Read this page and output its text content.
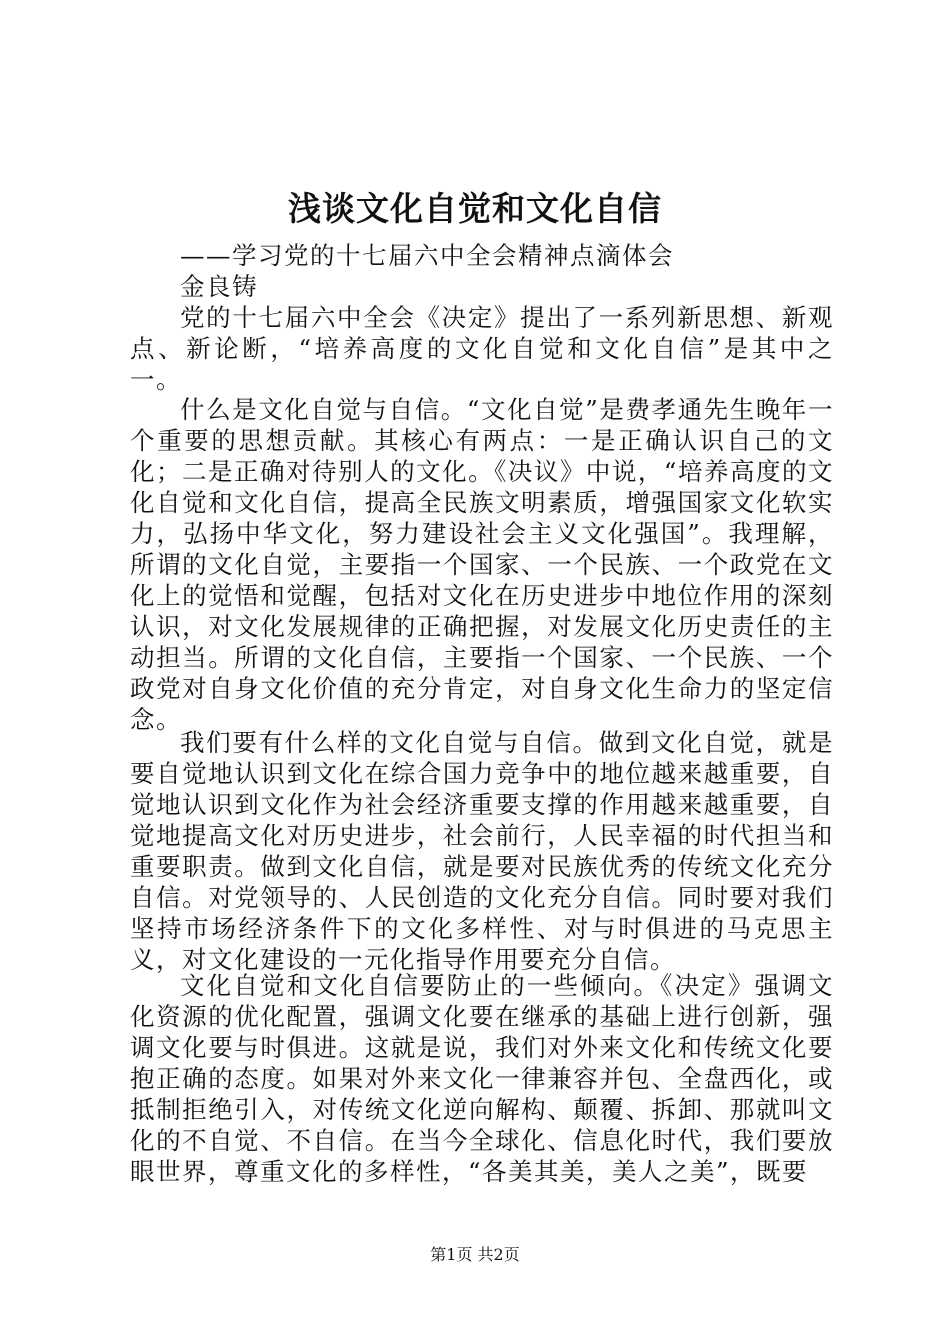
浅谈文化自觉和文化自信

——学习党的十七届六中全会精神点滴体会

金良铸

党的十七届六中全会《决定》提出了一系列新思想、新观点、新论断，“培养高度的文化自觉和文化自信”是其中之一。

什么是文化自觉与自信。“文化自觉”是费孝通先生晚年一个重要的思想贡献。其核心有两点：一是正确认识自己的文化；二是正确对待别人的文化。《决议》中说，“培养高度的文化自觉和文化自信，提高全民族文明素质，增强国家文化软实力，弘扬中华文化，努力建设社会主义文化强国”。我理解，所谓的文化自觉，主要指一个国家、一个民族、一个政党在文化上的觉悟和觉醒，包括对文化在历史进步中地位作用的深刻认识，对文化发展规律的正确把握，对发展文化历史责任的主动担当。所谓的文化自信，主要指一个国家、一个民族、一个政党对自身文化价值的充分肯定，对自身文化生命力的坚定信念。

我们要有什么样的文化自觉与自信。做到文化自觉，就是要自觉地认识到文化在综合国力竞争中的地位越来越重要，自觉地认识到文化作为社会经济重要支撑的作用越来越重要，自觉地提高文化对历史进步，社会前行，人民幸福的时代担当和重要职责。做到文化自信，就是要对民族优秀的传统文化充分自信。对党领导的、人民创造的文化充分自信。同时要对我们坚持市场经济条件下的文化多样性、对与时俱进的马克思主义，对文化建设的一元化指导作用要充分自信。

文化自觉和文化自信要防止的一些倾向。《决定》强调文化资源的优化配置，强调文化要在继承的基础上进行创新，强调文化要与时俱进。这就是说，我们对外来文化和传统文化要抱正确的态度。如果对外来文化一律兼容并包、全盘西化，或抵制拒绝引入，对传统文化逆向解构、颠覆、拆卸、那就叫文化的不自觉、不自信。在当今全球化、信息化时代，我们要放眼世界，尊重文化的多样性，“各美其美，美人之美”，既要

第1页 共2页
